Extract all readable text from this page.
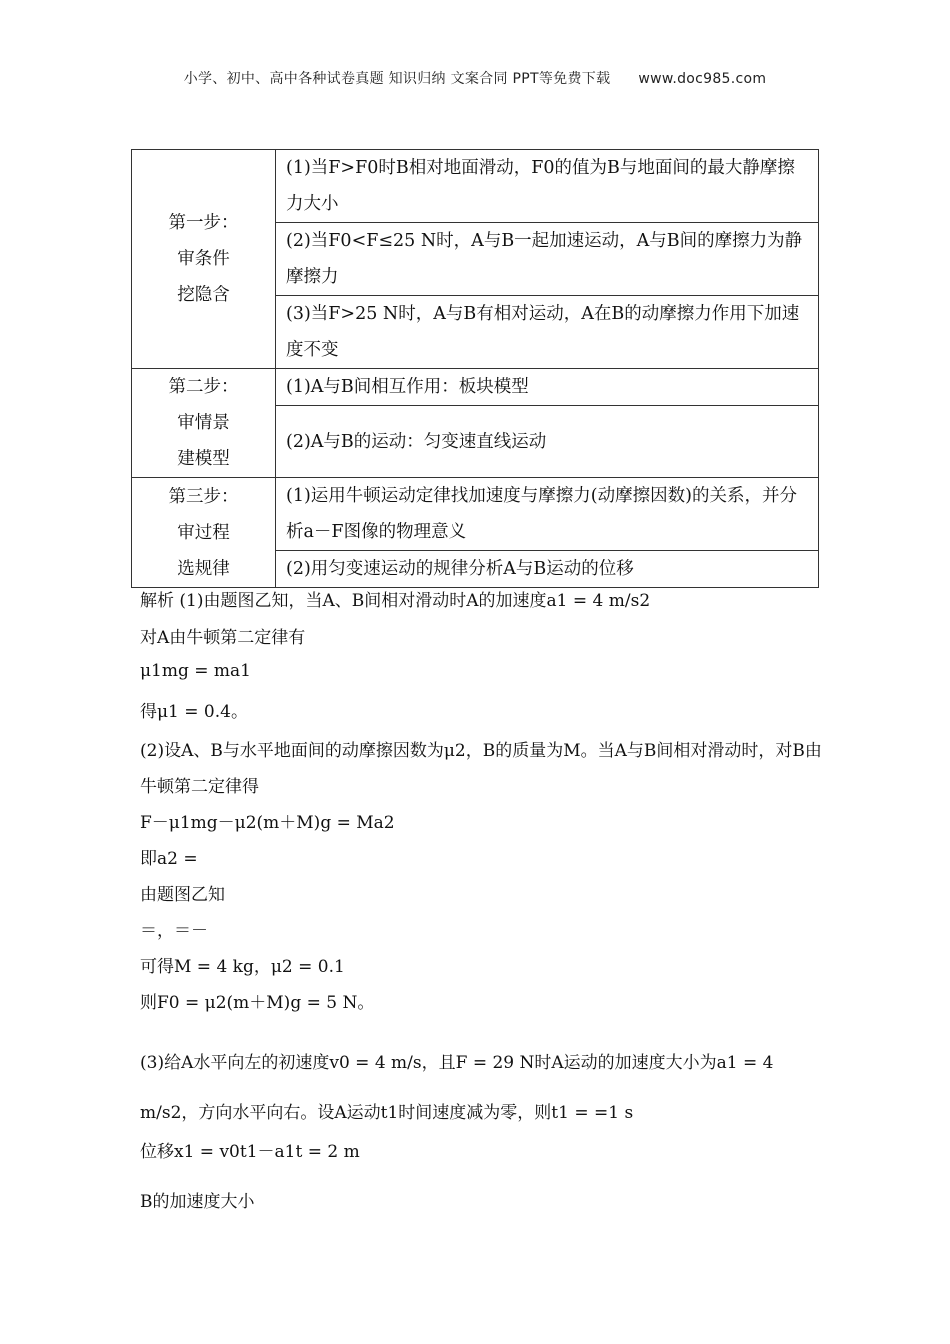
小学、初中、高中各种试卷真题 知识归纳 文案合同 PPT等免费下载 www.doc985.com
第一步：
审条件
挖隐含	(1)当F>F0时B相对地面滑动，F0的值为B与地面间的最大静摩擦力大小
	(2)当F0<F≤25 N时，A与B一起加速运动，A与B间的摩擦力为静摩擦力
	(3)当F>25 N时，A与B有相对运动，A在B的动摩擦力作用下加速度不变

第二步：
审情景
建模型	(1)A与B间相互作用：板块模型
	(2)A与B的运动：匀变速直线运动

第三步：
审过程
选规律	(1)运用牛顿运动定律找加速度与摩擦力(动摩擦因数)的关系，并分析a－F图像的物理意义
	(2)用匀变速运动的规律分析A与B运动的位移
解析 (1)由题图乙知，当A、B间相对滑动时A的加速度a1 = 4 m/s2
对A由牛顿第二定律有
μ1mg = ma1
得μ1 = 0.4。
(2)设A、B与水平地面间的动摩擦因数为μ2，B的质量为M。当A与B间相对滑动时，对B由牛顿第二定律得
F－μ1mg－μ2(m＋M)g = Ma2
即a2 =
由题图乙知
＝，＝－
可得M = 4 kg，μ2 = 0.1
则F0 = μ2(m＋M)g = 5 N。
(3)给A水平向左的初速度v0 = 4 m/s，且F = 29 N时A运动的加速度大小为a1 = 4 m/s2，方向水平向右。设A运动t1时间速度减为零，则t1 = =1 s
位移x1 = v0t1－a1t = 2 m
B的加速度大小
